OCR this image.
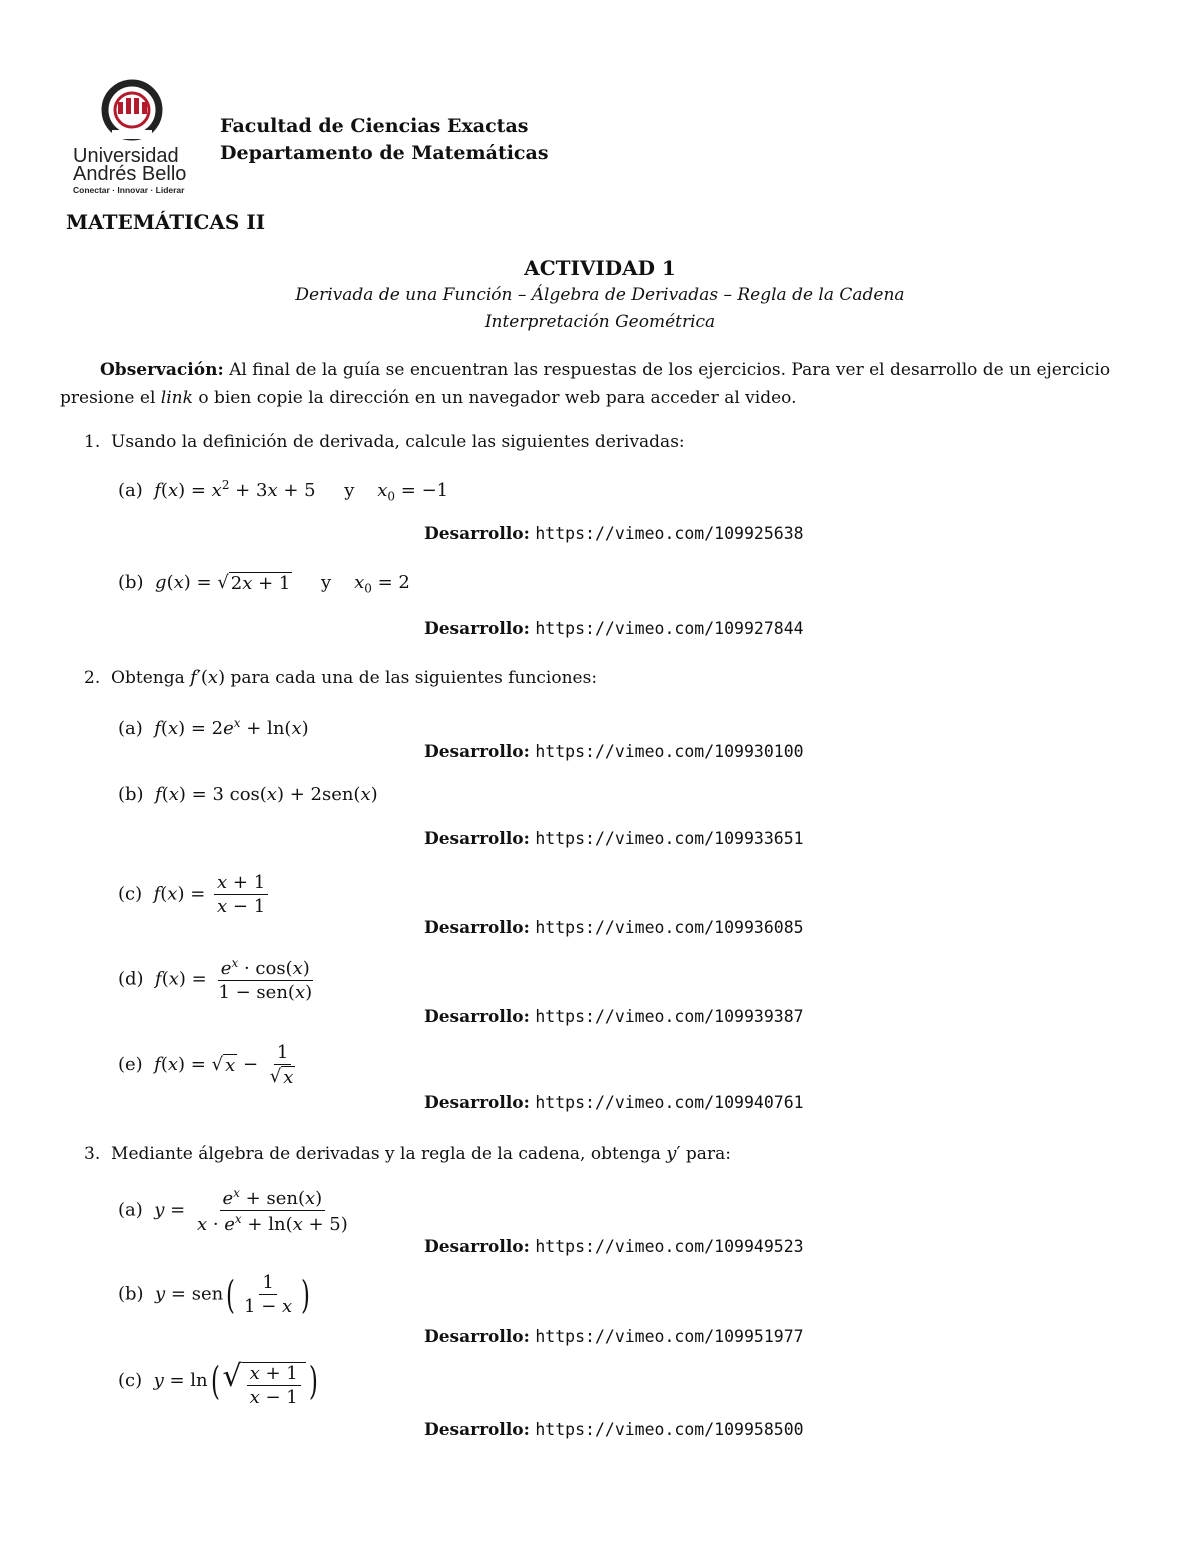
Universidad
Andrés Bello
Conectar · Innovar · Liderar
Facultad de Ciencias Exactas
Departamento de Matemáticas
MATEMÁTICAS II
ACTIVIDAD 1
Derivada de una Función – Álgebra de Derivadas – Regla de la Cadena
Interpretación Geométrica
Observación: Al final de la guía se encuentran las respuestas de los ejercicios. Para ver el desarrollo de un ejercicio presione el link o bien copie la dirección en un navegador web para acceder al video.
1. Usando la definición de derivada, calcule las siguientes derivadas:
(a) $f(x) = x^2 + 3x + 5$     y $x_0 = -1$
Desarrollo: https://vimeo.com/109925638
(b) g(x) = √ 2x + 1 y $x_0 = 2$
Desarrollo: https://vimeo.com/109927844
2. Obtenga f′(x) para cada una de las siguientes funciones:
(a) $f(x) = 2e^x + \ln(x)$
Desarrollo: https://vimeo.com/109930100
(b) f(x) = 3 cos(x) + 2sen(x)
Desarrollo: https://vimeo.com/109933651
(c) $f(x) = \frac{x + 1}{x - 1}$
Desarrollo: https://vimeo.com/109936085
(d) $f(x) = \frac{e^x \cdot \cos(x)}{\text{1 − sen(x)}}$
Desarrollo: https://vimeo.com/109939387
(e) f(x) = √ $x - \frac{1}{√ x}$
Desarrollo: https://vimeo.com/109940761
3. Mediante álgebra de derivadas y la regla de la cadena, obtenga y′ para:
(a) $y = \frac{e^x + sen(x)}{x \cdot e^x + \ln(x + 5)}$
Desarrollo: https://vimeo.com/109949523
(b) $y = sen( \frac{1}{1 - x}$ )
Desarrollo: https://vimeo.com/109951977
(c) y = ln( √ $\frac{x + 1}{x - 1}$ )
Desarrollo: https://vimeo.com/109958500
